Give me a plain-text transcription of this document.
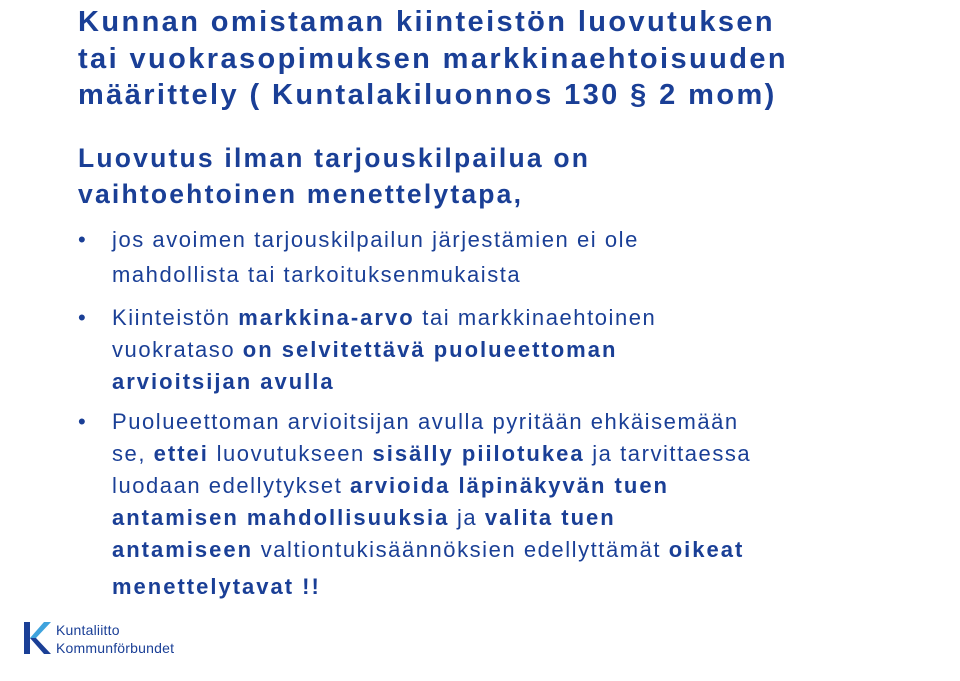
Kunnan omistaman kiinteistön luovutuksen
tai vuokrasopimuksen markkinaehtoisuuden
määrittely ( Kuntalakiluonnos 130 § 2 mom)
Luovutus ilman tarjouskilpailua on
vaihtoehtoinen menettelytapa,
• jos avoimen tarjouskilpailun järjestämien ei ole
mahdollista tai tarkoituksenmukaista
• Kiinteistön markkina-arvo tai markkinaehtoinen
vuokrataso on selvitettävä puolueettoman
arvioitsijan avulla
• Puolueettoman arvioitsijan avulla pyritään ehkäisemään
se, ettei luovutukseen sisälly piilotukea ja tarvittaessa
luodaan edellytykset arvioida läpinäkyvän tuen
antamisen mahdollisuuksia ja valita tuen
antamiseen valtiontukisäännöksien edellyttämät oikeat
menettelytavat !!
Kuntaliitto
Kommunförbundet
